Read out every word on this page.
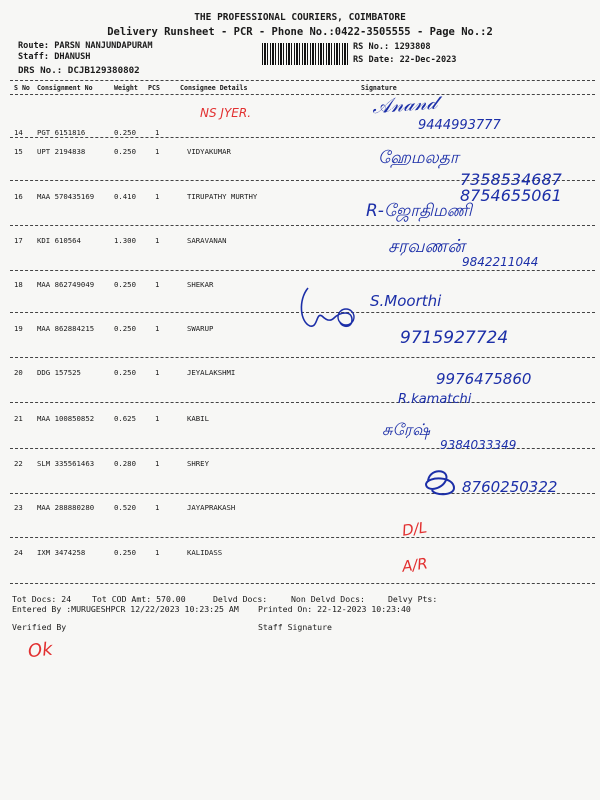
THE PROFESSIONAL COURIERS, COIMBATORE
Delivery Runsheet - PCR - Phone No.:0422-3505555 - Page No.:2
Route: PARSN NANJUNDAPURAM
Staff: DHANUSH
DRS No.: DCJB129380802
RS No.: 1293808
RS Date: 22-Dec-2023
S No Consignment No	Weight PCS	Consignee Details	Signature
14 PGT 6151816	0.250	1
15 UPT 2194838	0.250	1	VIDYAKUMAR
16 MAA 570435169	0.410	1	TIRUPATHY MURTHY
17 KDI 610564	1.300	1	SARAVANAN
18 MAA 862749049	0.250	1	SHEKAR
19 MAA 862884215	0.250	1	SWARUP
20 DDG 157525	0.250	1	JEYALAKSHMI
21 MAA 100850852	0.625	1	KABIL
22 SLM 335561463	0.280	1	SHREY
23 MAA 288880280	0.520	1	JAYAPRAKASH
24 IXM 3474258	0.250	1	KALIDASS
NS JYER.	𝒜𝓃𝒶𝓃𝒹
9444993777
ஹேமலதா
7358534687
8754655061
R-ஜோதிமணி
சரவணன்
9842211044
S.Moorthi
9715927724
9976475860
R.kamatchi
சுரேஷ்
9384033349
8760250322
D/L
A/R
Tot Docs: 24	Tot COD Amt: 570.00	Delvd Docs:	Non Delvd Docs:	Delvy Pts:
Entered By :MURUGESHPCR 12/22/2023 10:23:25 AM Printed On: 22-12-2023 10:23:40
Verified By	Staff Signature
Ok
